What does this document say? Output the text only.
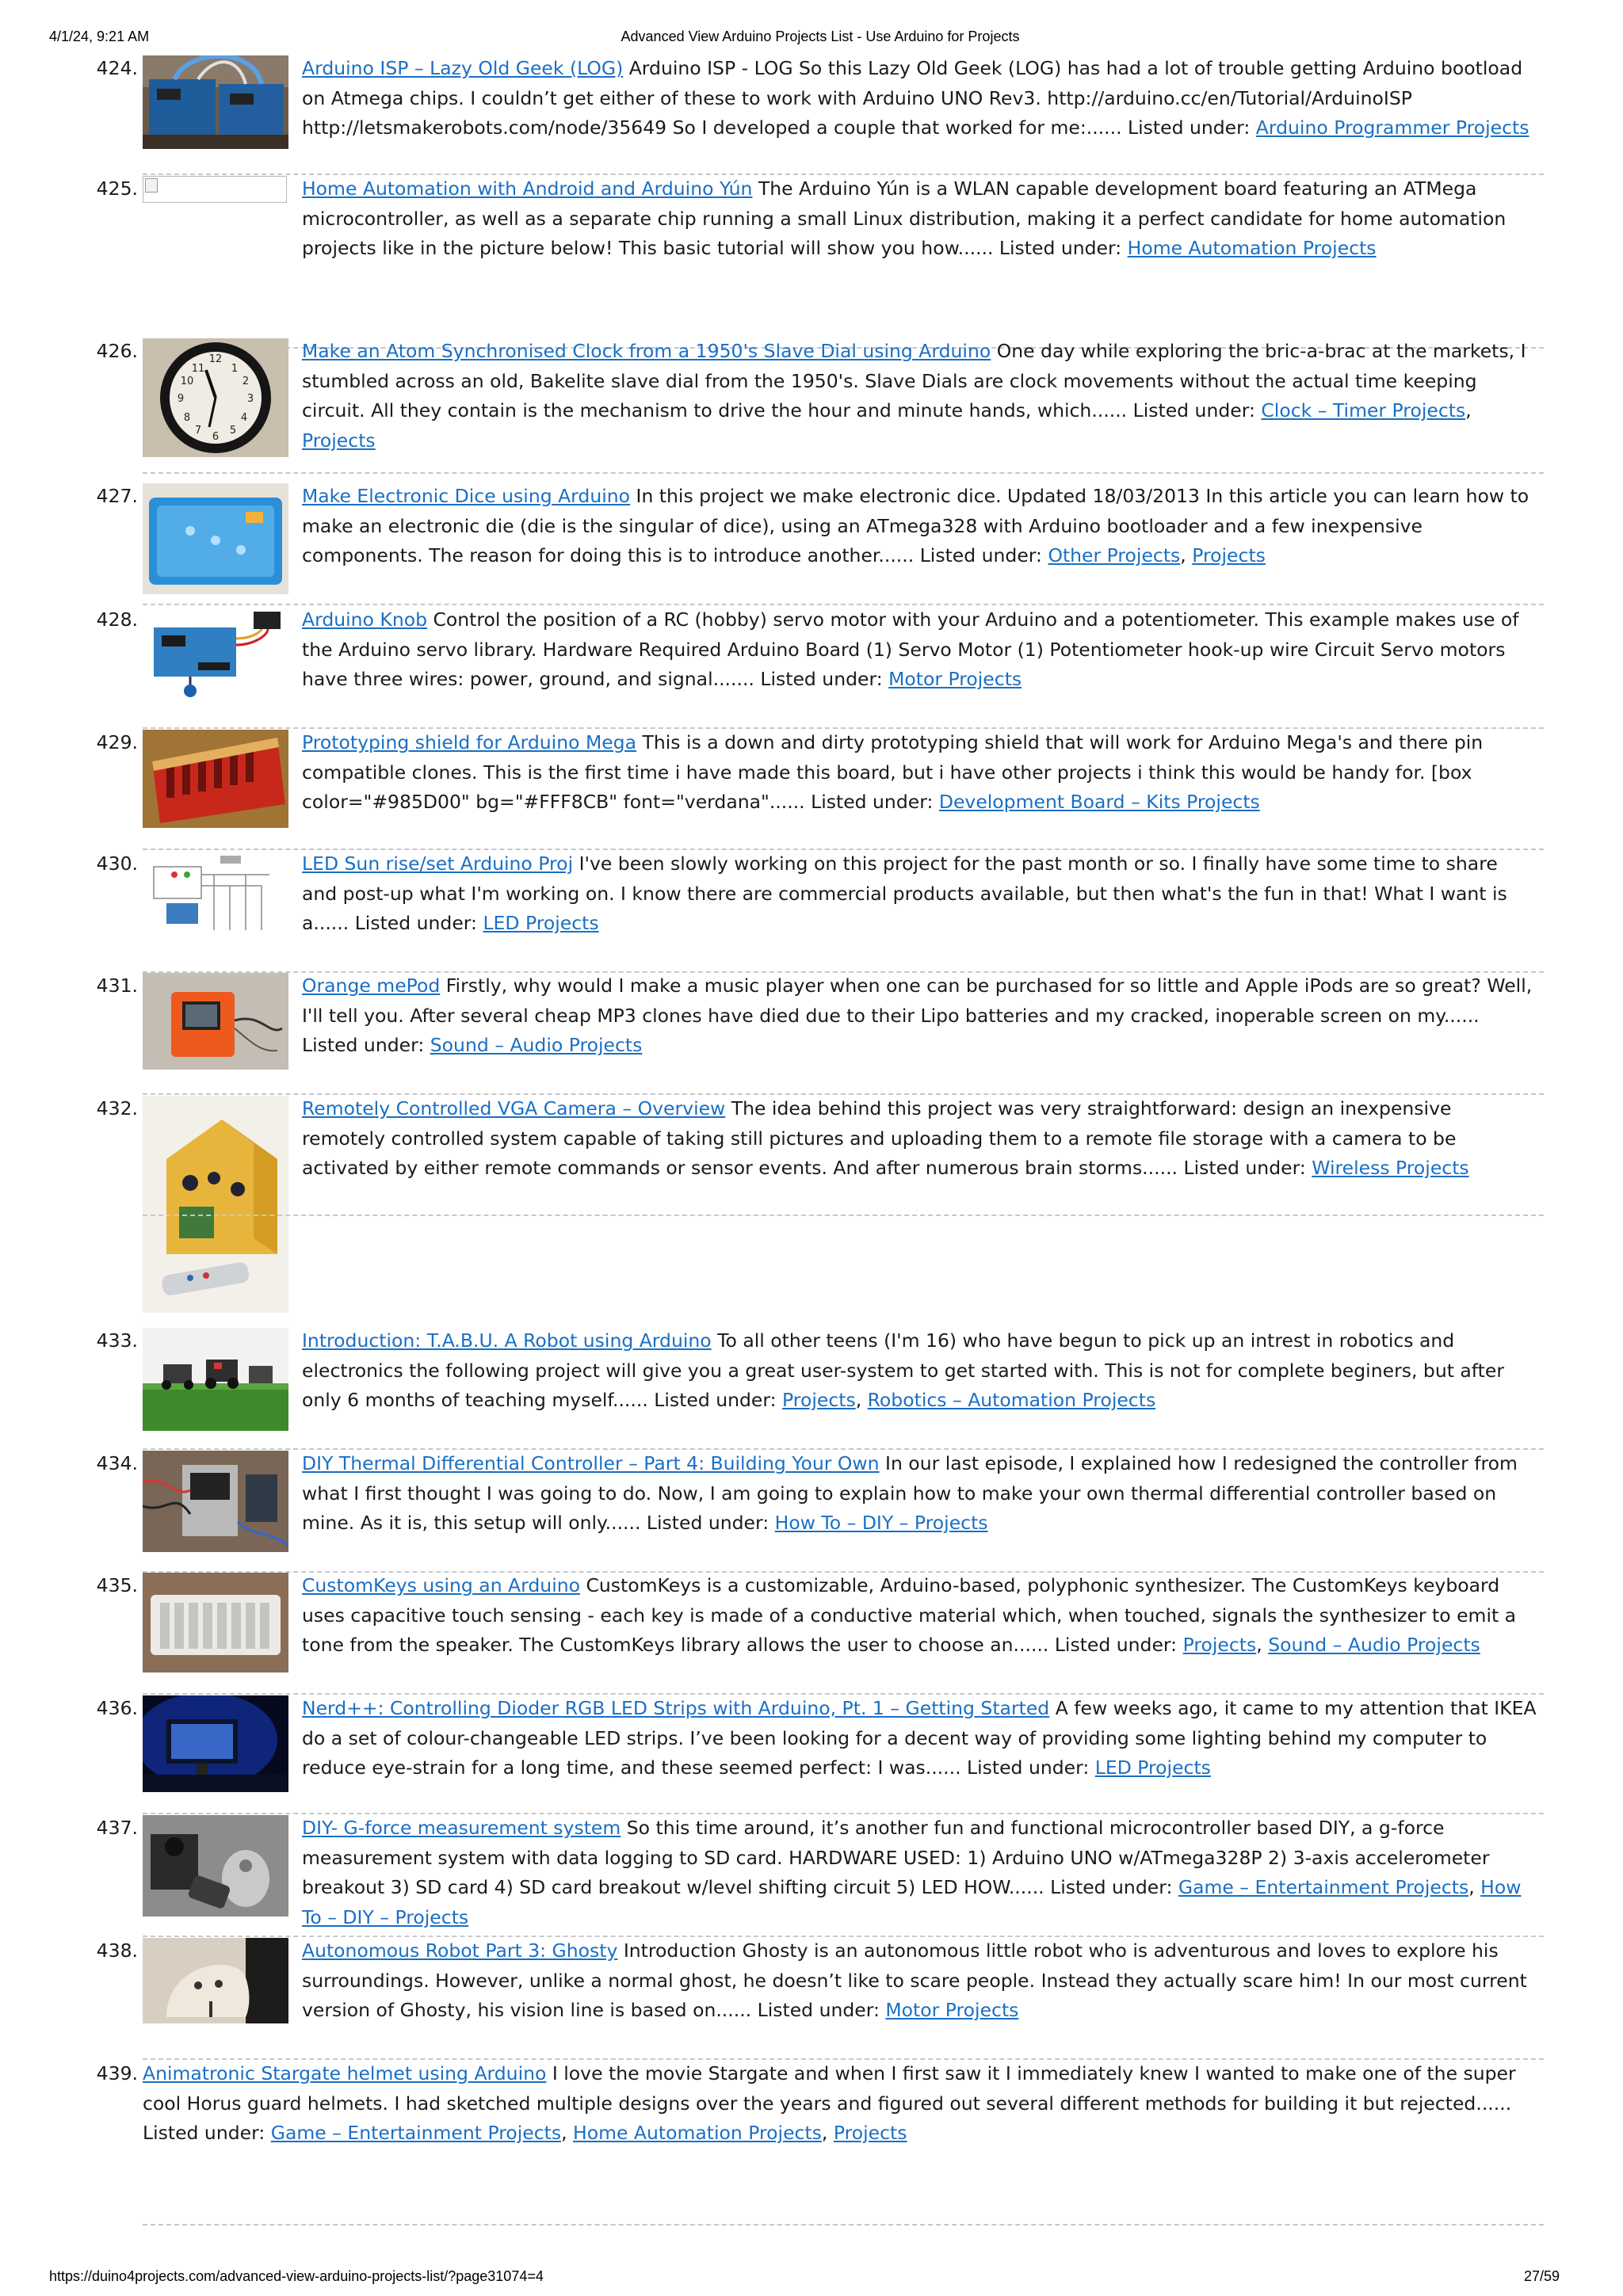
4/1/24, 9:21 AM	Advanced View Arduino Projects List - Use Arduino for Projects
424.	Arduino ISP – Lazy Old Geek (LOG) Arduino ISP - LOG So this Lazy Old Geek (LOG) has had a lot of trouble getting Arduino bootload on Atmega chips. I couldn’t get either of these to work with Arduino UNO Rev3. http://arduino.cc/en/Tutorial/ArduinoISP http://letsmakerobots.com/node/35649 So I developed a couple that worked for me:...... Listed under: Arduino Programmer Projects
425.	Home Automation with Android and Arduino Yún The Arduino Yún is a WLAN capable development board featuring an ATMega microcontroller, as well as a separate chip running a small Linux distribution, making it a perfect candidate for home automation projects like in the picture below! This basic tutorial will show you how...... Listed under: Home Automation Projects
426.	12
3
6
9
1
2
4
5
7
8
10
11
Make an Atom Synchronised Clock from a 1950's Slave Dial using Arduino One day while exploring the bric-a-brac at the markets, I stumbled across an old, Bakelite slave dial from the 1950's. Slave Dials are clock movements without the actual time keeping circuit. All they contain is the mechanism to drive the hour and minute hands, which...... Listed under: Clock – Timer Projects, Projects
427.	Make Electronic Dice using Arduino In this project we make electronic dice. Updated 18/03/2013 In this article you can learn how to make an electronic die (die is the singular of dice), using an ATmega328 with Arduino bootloader and a few inexpensive components. The reason for doing this is to introduce another...... Listed under: Other Projects, Projects
428.	Arduino Knob Control the position of a RC (hobby) servo motor with your Arduino and a potentiometer. This example makes use of the Arduino servo library. Hardware Required Arduino Board (1) Servo Motor (1) Potentiometer hook-up wire Circuit Servo motors have three wires: power, ground, and signal....... Listed under: Motor Projects
429.	Prototyping shield for Arduino Mega This is a down and dirty prototyping shield that will work for Arduino Mega's and there pin compatible clones. This is the first time i have made this board, but i have other projects i think this would be handy for. [box color="#985D00" bg="#FFF8CB" font="verdana"...... Listed under: Development Board – Kits Projects
430.	LED Sun rise/set Arduino Proj I've been slowly working on this project for the past month or so. I finally have some time to share and post-up what I'm working on. I know there are commercial products available, but then what's the fun in that! What I want is a...... Listed under: LED Projects
431.	Orange mePod Firstly, why would I make a music player when one can be purchased for so little and Apple iPods are so great? Well, I'll tell you. After several cheap MP3 clones have died due to their Lipo batteries and my cracked, inoperable screen on my...... Listed under: Sound – Audio Projects
432.	Remotely Controlled VGA Camera – Overview The idea behind this project was very straightforward: design an inexpensive remotely controlled system capable of taking still pictures and uploading them to a remote file storage with a camera to be activated by either remote commands or sensor events. And after numerous brain storms...... Listed under: Wireless Projects
433.	Introduction: T.A.B.U. A Robot using Arduino To all other teens (I'm 16) who have begun to pick up an intrest in robotics and electronics the following project will give you a great user-system to get started with. This is not for complete beginers, but after only 6 months of teaching myself...... Listed under: Projects, Robotics – Automation Projects
434.	DIY Thermal Differential Controller – Part 4: Building Your Own In our last episode, I explained how I redesigned the controller from what I first thought I was going to do. Now, I am going to explain how to make your own thermal differential controller based on mine. As it is, this setup will only...... Listed under: How To – DIY – Projects
435.	CustomKeys using an Arduino CustomKeys is a customizable, Arduino-based, polyphonic synthesizer. The CustomKeys keyboard uses capacitive touch sensing - each key is made of a conductive material which, when touched, signals the synthesizer to emit a tone from the speaker. The CustomKeys library allows the user to choose an...... Listed under: Projects, Sound – Audio Projects
436.	Nerd++: Controlling Dioder RGB LED Strips with Arduino, Pt. 1 – Getting Started A few weeks ago, it came to my attention that IKEA do a set of colour-changeable LED strips. I’ve been looking for a decent way of providing some lighting behind my computer to reduce eye-strain for a long time, and these seemed perfect: I was...... Listed under: LED Projects
437.	DIY- G-force measurement system So this time around, it’s another fun and functional microcontroller based DIY, a g-force measurement system with data logging to SD card. HARDWARE USED: 1) Arduino UNO w/ATmega328P 2) 3-axis accelerometer breakout 3) SD card 4) SD card breakout w/level shifting circuit 5) LED HOW...... Listed under: Game – Entertainment Projects, How To – DIY – Projects
438.	Autonomous Robot Part 3: Ghosty Introduction Ghosty is an autonomous little robot who is adventurous and loves to explore his surroundings. However, unlike a normal ghost, he doesn’t like to scare people. Instead they actually scare him! In our most current version of Ghosty, his vision line is based on...... Listed under: Motor Projects
439. Animatronic Stargate helmet using Arduino I love the movie Stargate and when I first saw it I immediately knew I wanted to make one of the super cool Horus guard helmets. I had sketched multiple designs over the years and figured out several different methods for building it but rejected...... Listed under: Game – Entertainment Projects, Home Automation Projects, Projects
https://duino4projects.com/advanced-view-arduino-projects-list/?page31074=4	27/59
